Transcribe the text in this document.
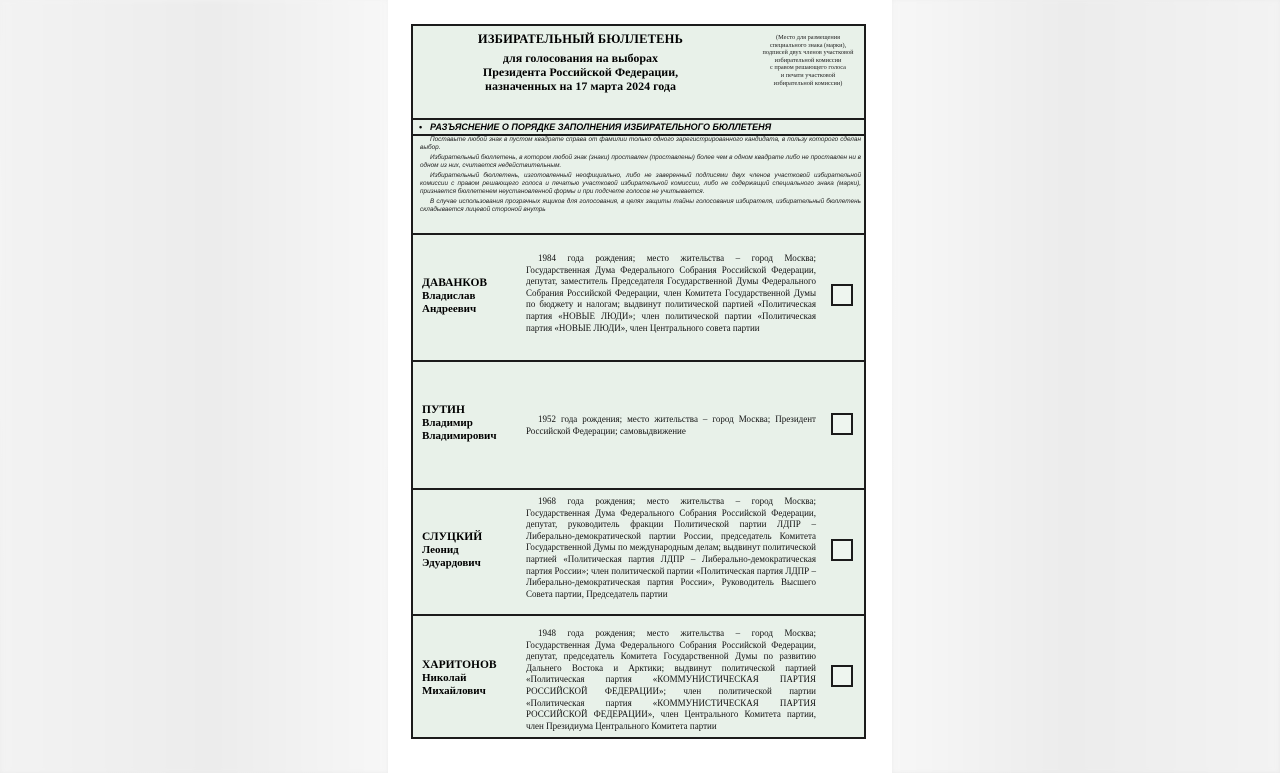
ИЗБИРАТЕЛЬНЫЙ БЮЛЛЕТЕНЬ
для голосования на выборах
Президента Российской Федерации,
назначенных на 17 марта 2024 года
(Место для размещения
специального знака (марки),
подписей двух членов участковой
избирательной комиссии
с правом решающего голоса
и печати участковой
избирательной комиссии)
• РАЗЪЯСНЕНИЕ О ПОРЯДКЕ ЗАПОЛНЕНИЯ ИЗБИРАТЕЛЬНОГО БЮЛЛЕТЕНЯ

Поставьте любой знак в пустом квадрате справа от фамилии только одного зарегистрированного кандидата, в пользу которого сделан выбор.

Избирательный бюллетень, в котором любой знак (знаки) проставлен (проставлены) более чем в одном квадрате либо не проставлен ни в одном из них, считается недействительным.

Избирательный бюллетень, изготовленный неофициально, либо не заверенный подписями двух членов участковой избирательной комиссии с правом решающего голоса и печатью участковой избирательной комиссии, либо не содержащий специального знака (марки), признается бюллетенем неустановленной формы и при подсчете голосов не учитывается.

В случае использования прозрачных ящиков для голосования, в целях защиты тайны голосования избирателя, избирательный бюллетень складывается лицевой стороной внутрь

ДАВАНКОВ
Владислав
Андреевич
1984 года рождения; место жительства – город Москва; Государственная Дума Федерального Собрания Российской Федерации, депутат, заместитель Председателя Государственной Думы Федерального Собрания Российской Федерации, член Комитета Государственной Думы по бюджету и налогам; выдвинут политической партией «Политическая партия «НОВЫЕ ЛЮДИ»; член политической партии «Политическая партия «НОВЫЕ ЛЮДИ», член Центрального совета партии
ПУТИН
Владимир
Владимирович
1952 года рождения; место жительства – город Москва; Президент Российской Федерации; самовыдвижение
СЛУЦКИЙ
Леонид
Эдуардович
1968 года рождения; место жительства – город Москва; Государственная Дума Федерального Собрания Российской Федерации, депутат, руководитель фракции Политической партии ЛДПР – Либерально-демократической партии России, председатель Комитета Государственной Думы по международным делам; выдвинут политической партией «Политическая партия ЛДПР – Либерально-демократическая партия России»; член политической партии «Политическая партия ЛДПР – Либерально-демократическая партия России», Руководитель Высшего Совета партии, Председатель партии
ХАРИТОНОВ
Николай
Михайлович
1948 года рождения; место жительства – город Москва; Государственная Дума Федерального Собрания Российской Федерации, депутат, председатель Комитета Государственной Думы по развитию Дальнего Востока и Арктики; выдвинут политической партией «Политическая партия «КОММУНИСТИЧЕСКАЯ ПАРТИЯ РОССИЙСКОЙ ФЕДЕРАЦИИ»; член политической партии «Политическая партия «КОММУНИСТИЧЕСКАЯ ПАРТИЯ РОССИЙСКОЙ ФЕДЕРАЦИИ», член Центрального Комитета партии, член Президиума Центрального Комитета партии
